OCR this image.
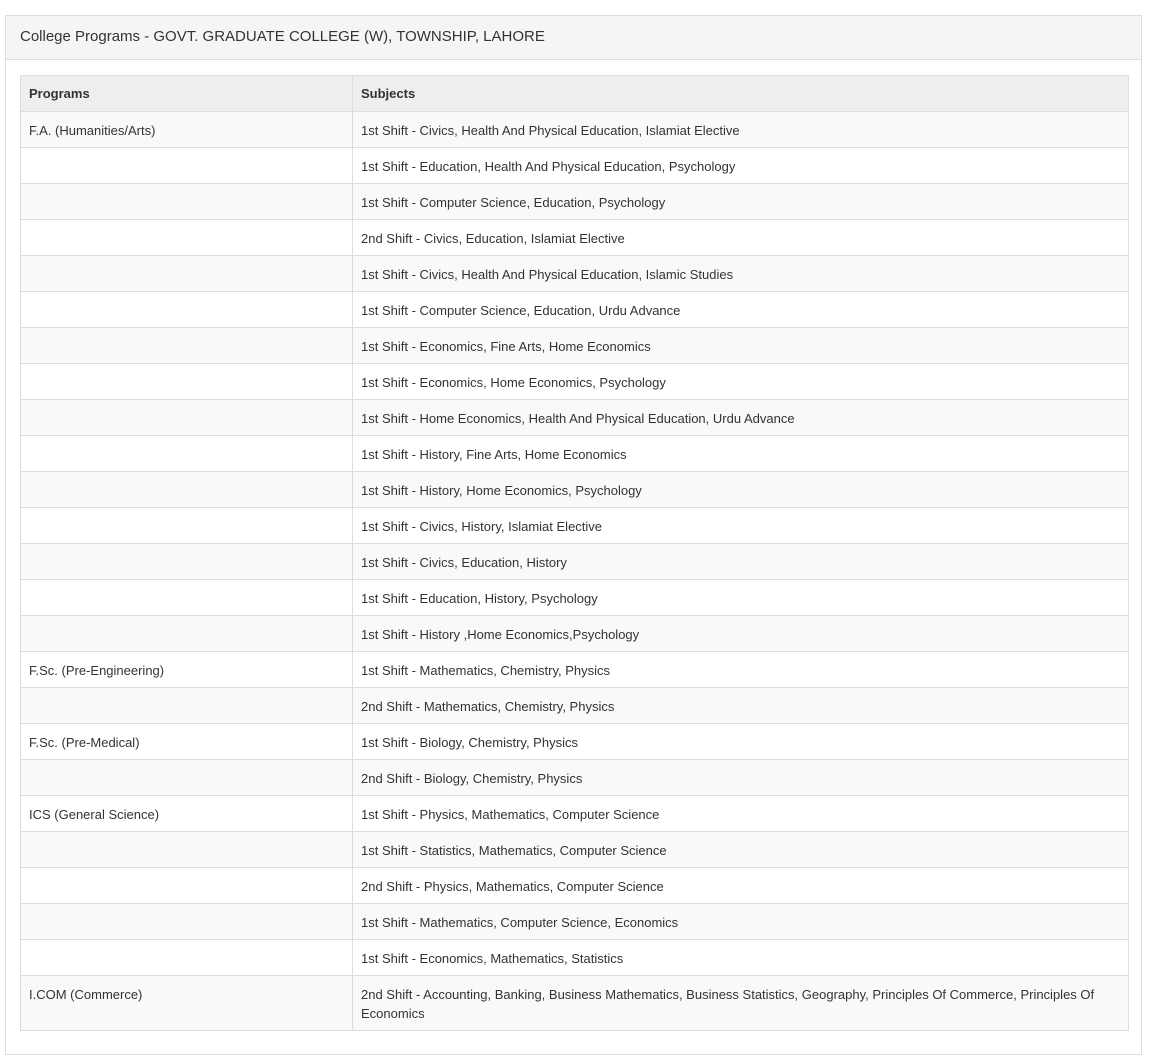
College Programs - GOVT. GRADUATE COLLEGE (W), TOWNSHIP, LAHORE
Programs	Subjects
F.A. (Humanities/Arts)	1st Shift - Civics, Health And Physical Education, Islamiat Elective
	1st Shift - Education, Health And Physical Education, Psychology
	1st Shift - Computer Science, Education, Psychology
	2nd Shift - Civics, Education, Islamiat Elective
	1st Shift - Civics, Health And Physical Education, Islamic Studies
	1st Shift - Computer Science, Education, Urdu Advance
	1st Shift - Economics, Fine Arts, Home Economics
	1st Shift - Economics, Home Economics, Psychology
	1st Shift - Home Economics, Health And Physical Education, Urdu Advance
	1st Shift - History, Fine Arts, Home Economics
	1st Shift - History, Home Economics, Psychology
	1st Shift - Civics, History, Islamiat Elective
	1st Shift - Civics, Education, History
	1st Shift - Education, History, Psychology
	1st Shift - History ,Home Economics,Psychology
F.Sc. (Pre-Engineering)	1st Shift - Mathematics, Chemistry, Physics
	2nd Shift - Mathematics, Chemistry, Physics
F.Sc. (Pre-Medical)	1st Shift - Biology, Chemistry, Physics
	2nd Shift - Biology, Chemistry, Physics
ICS (General Science)	1st Shift - Physics, Mathematics, Computer Science
	1st Shift - Statistics, Mathematics, Computer Science
	2nd Shift - Physics, Mathematics, Computer Science
	1st Shift - Mathematics, Computer Science, Economics
	1st Shift - Economics, Mathematics, Statistics
I.COM (Commerce)	2nd Shift - Accounting, Banking, Business Mathematics, Business Statistics, Geography, Principles Of Commerce, Principles Of Economics
